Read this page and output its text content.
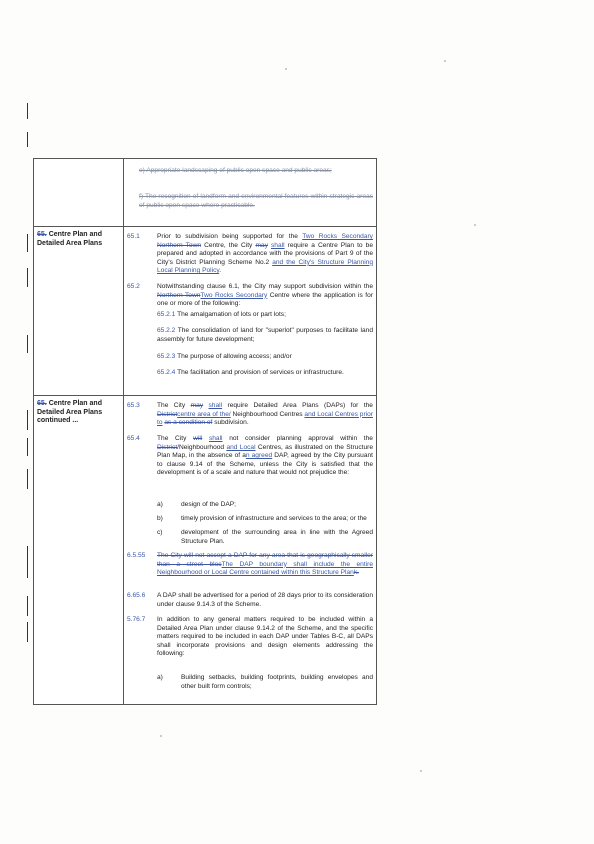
e) Appropriate landscaping of public open space and public areas;
f) The recognition of landform and environmental features within strategic areas of public open space where practicable.
65. Centre Plan and Detailed Area Plans
65.1	Prior to subdivision being supported for the Two Rocks Secondary Northern Town Centre, the City may shall require a Centre Plan to be prepared and adopted in accordance with the provisions of Part 9 of the City's District Planning Scheme No.2 and the City's Structure Planning Local Planning Policy.
65.2	Notwithstanding clause 6.1, the City may support subdivision within the Northern TownTwo Rocks Secondary Centre where the application is for one or more of the following:
65.2.1 The amalgamation of lots or part lots;
65.2.2 The consolidation of land for "superlot" purposes to facilitate land assembly for future development;
65.2.3 The purpose of allowing access; and/or
65.2.4 The facilitation and provision of services or infrastructure.
65. Centre Plan and Detailed Area Plans continued ...
65.3	The City may shall require Detailed Area Plans (DAPs) for the Districtcentre area of the/ Neighbourhood Centres and Local Centres prior to as a condition of subdivision.
65.4	The City will shall not consider planning approval within the District/Neighbourhood and Local Centres, as illustrated on the Structure Plan Map, in the absence of an agreed DAP, agreed by the City pursuant to clause 9.14 of the Scheme, unless the City is satisfied that the development is of a scale and nature that would not prejudice the:
a)	design of the DAP;
b)	timely provision of infrastructure and services to the area; or the
c)	development of the surrounding area in line with the Agreed Structure Plan.
6.5.55	The City will not accept a DAP for any area that is geographically smaller than a street blocThe DAP boundary shall include the entire Neighbourhood or Local Centre contained within this Structure Plank.
6.65.6	A DAP shall be advertised for a period of 28 days prior to its consideration under clause 9.14.3 of the Scheme.
5.76.7	In addition to any general matters required to be included within a Detailed Area Plan under clause 9.14.2 of the Scheme, and the specific matters required to be included in each DAP under Tables B-C, all DAPs shall incorporate provisions and design elements addressing the following:
a)	Building setbacks, building footprints, building envelopes and other built form controls;
